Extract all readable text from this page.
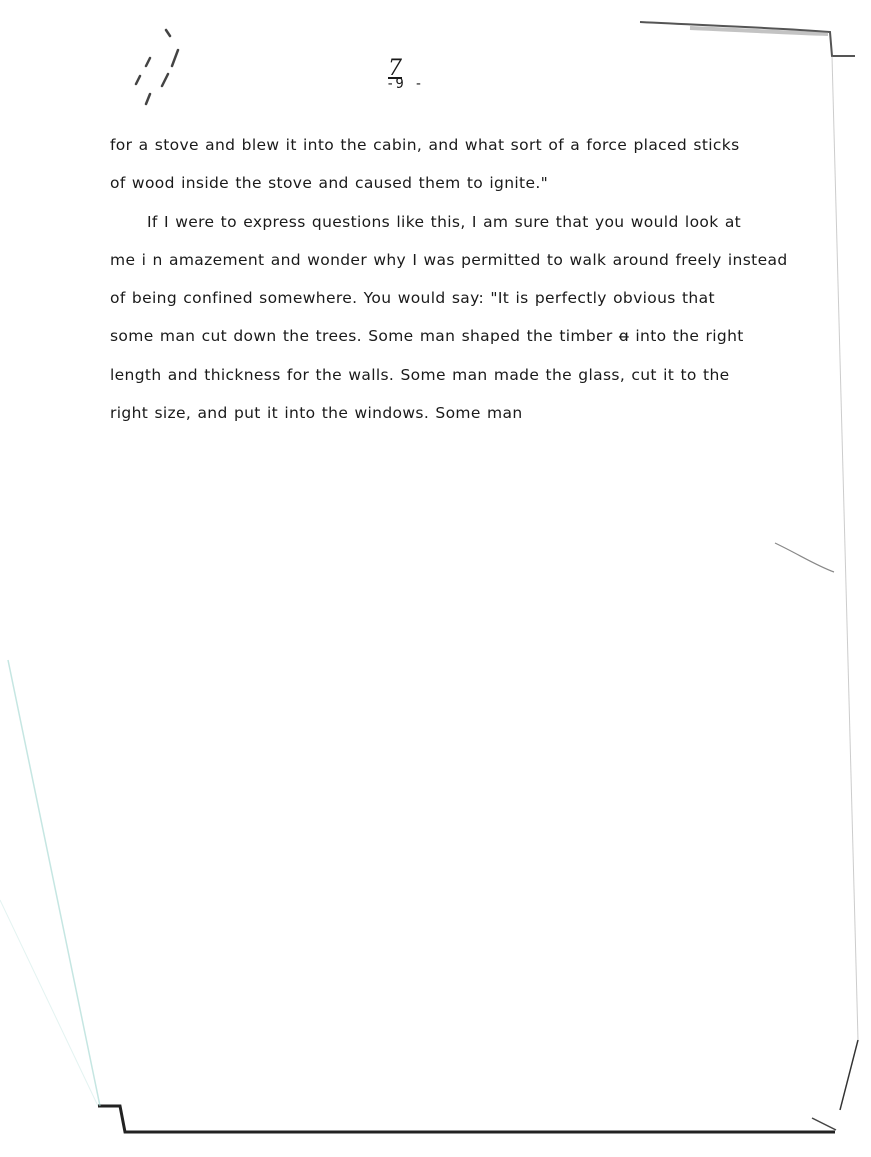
7
-9 -
for a stove and blew it into the cabin, and what sort of a force placed sticks
of wood inside the stove and caused them to ignite."
If I were to express questions like this, I am sure that you would look at
me i n amazement and wonder why I was permitted to walk around freely instead
of being confined somewhere. You would say: "It is perfectly obvious that
some man cut down the trees. Some man shaped the timber ɑ̶ into the right
length and thickness for the walls. Some man made the glass, cut it to the
right size, and put it into the windows. Some man
